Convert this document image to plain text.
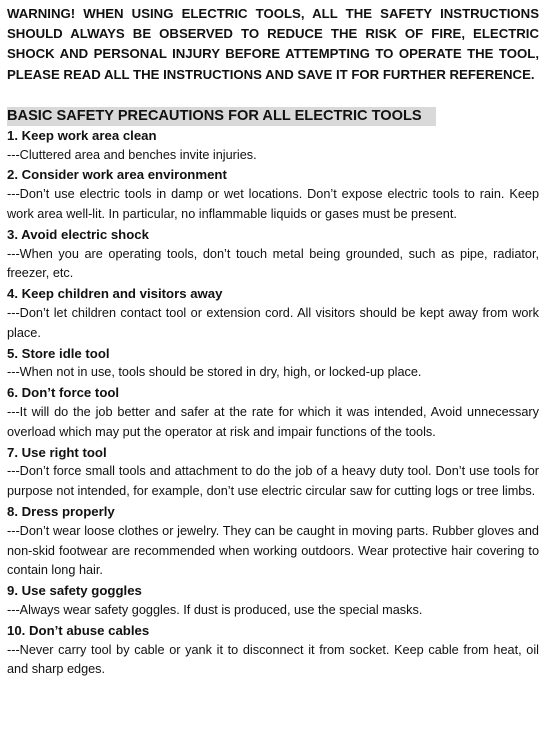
WARNING! WHEN USING ELECTRIC TOOLS, ALL THE SAFETY INSTRUCTIONS SHOULD ALWAYS BE OBSERVED TO REDUCE THE RISK OF FIRE, ELECTRIC SHOCK AND PERSONAL INJURY BEFORE ATTEMPTING TO OPERATE THE TOOL, PLEASE READ ALL THE INSTRUCTIONS AND SAVE IT FOR FURTHER REFERENCE.

BASIC SAFETY PRECAUTIONS FOR ALL ELECTRIC TOOLS
1. Keep work area clean
---Cluttered area and benches invite injuries.
2. Consider work area environment
---Don’t use electric tools in damp or wet locations. Don’t expose electric tools to rain. Keep work area well-lit. In particular, no inflammable liquids or gases must be present.
3. Avoid electric shock
---When you are operating tools, don’t touch metal being grounded, such as pipe, radiator, freezer, etc.
4. Keep children and visitors away
---Don’t let children contact tool or extension cord. All visitors should be kept away from work place.
5. Store idle tool
---When not in use, tools should be stored in dry, high, or locked-up place.
6. Don’t force tool
---It will do the job better and safer at the rate for which it was intended, Avoid unnecessary overload which may put the operator at risk and impair functions of the tools.
7. Use right tool
---Don’t force small tools and attachment to do the job of a heavy duty tool. Don’t use tools for purpose not intended, for example, don’t use electric circular saw for cutting logs or tree limbs.
8. Dress properly
---Don’t wear loose clothes or jewelry. They can be caught in moving parts. Rubber gloves and non-skid footwear are recommended when working outdoors. Wear protective hair covering to contain long hair.
9. Use safety goggles
---Always wear safety goggles. If dust is produced, use the special masks.
10. Don’t abuse cables
---Never carry tool by cable or yank it to disconnect it from socket. Keep cable from heat, oil and sharp edges.
